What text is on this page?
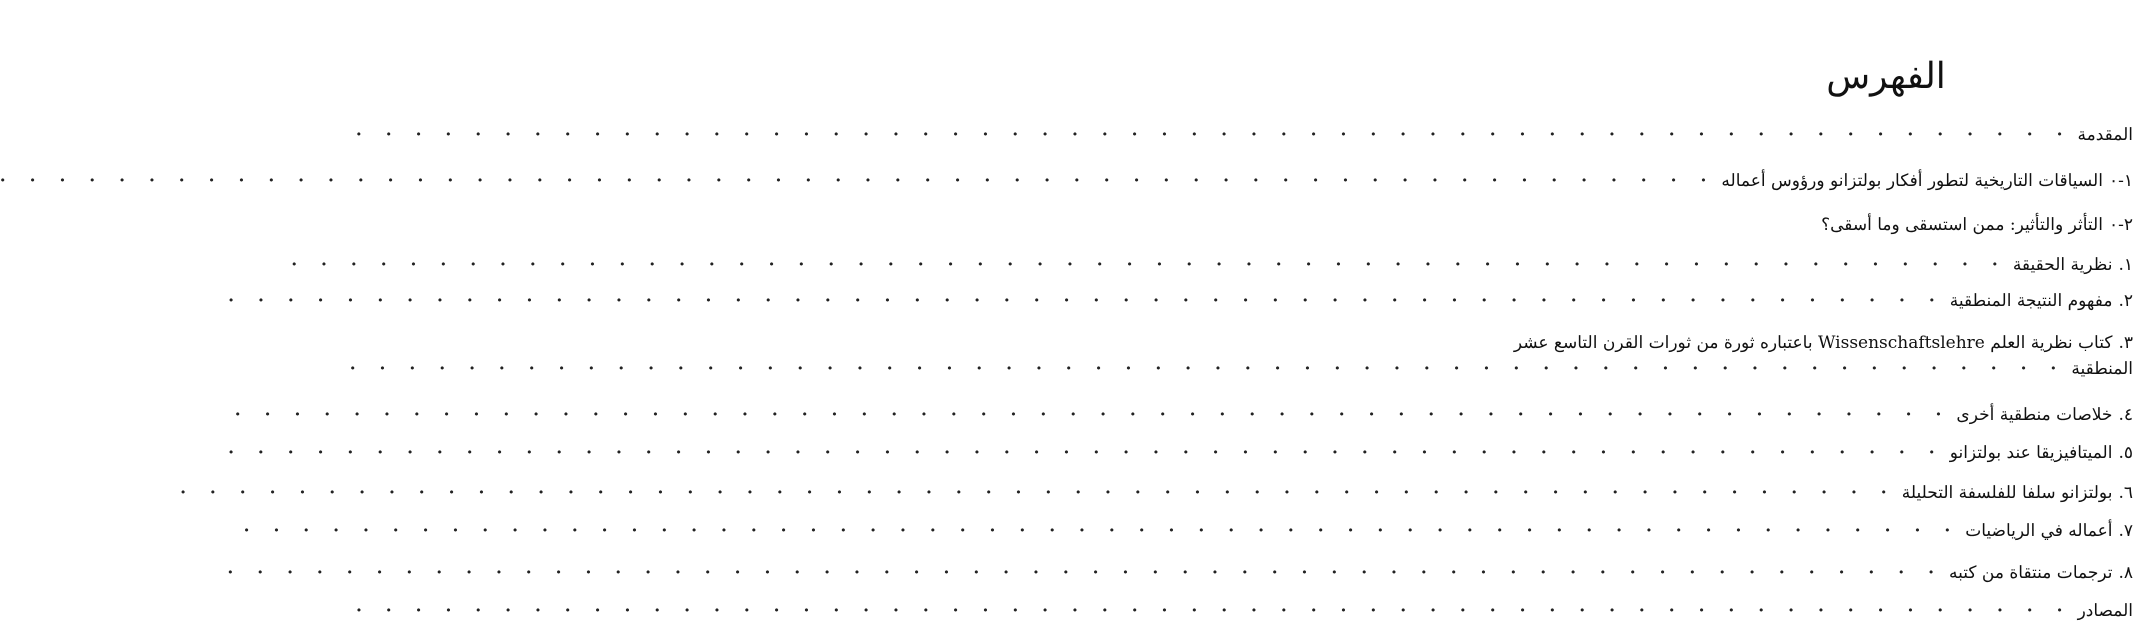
الفهرس
المقدمة
· · · · · · · · · · · · · · · · · · · · · · · · · · · · · · · · · · · · · · · · · · · · · · · · · · · · · · · · · ·
١-٠
السياقات التاريخية لتطور أفكار بولتزانو ورؤوس أعماله
· · · · · · · · · · · · · · · · · · · · · · · · · · · · · · · · · · · · · · · · · · · · · · · · · · · · · · · · · ·
٢-٠
التأثر والتأثير: ممن استسقى وما أسقى؟
١.
نظرية الحقيقة
· · · · · · · · · · · · · · · · · · · · · · · · · · · · · · · · · · · · · · · · · · · · · · · · · · · · · · · · · ·
٢.
مفهوم النتيجة المنطقية
· · · · · · · · · · · · · · · · · · · · · · · · · · · · · · · · · · · · · · · · · · · · · · · · · · · · · · · · · ·
٣.
كتاب نظرية العلم Wissenschaftslehre باعتباره ثورة من ثورات القرن التاسع عشر
المنطقية
· · · · · · · · · · · · · · · · · · · · · · · · · · · · · · · · · · · · · · · · · · · · · · · · · · · · · · · · · ·
٤.
خلاصات منطقية أخرى
· · · · · · · · · · · · · · · · · · · · · · · · · · · · · · · · · · · · · · · · · · · · · · · · · · · · · · · · · ·
٥.
الميتافيزيقا عند بولتزانو
· · · · · · · · · · · · · · · · · · · · · · · · · · · · · · · · · · · · · · · · · · · · · · · · · · · · · · · · · ·
٦.
بولتزانو سلفا للفلسفة التحليلة
· · · · · · · · · · · · · · · · · · · · · · · · · · · · · · · · · · · · · · · · · · · · · · · · · · · · · · · · · ·
٧.
أعماله في الرياضيات
· · · · · · · · · · · · · · · · · · · · · · · · · · · · · · · · · · · · · · · · · · · · · · · · · · · · · · · · · ·
٨.
ترجمات منتقاة من كتبه
· · · · · · · · · · · · · · · · · · · · · · · · · · · · · · · · · · · · · · · · · · · · · · · · · · · · · · · · · ·
المصادر
· · · · · · · · · · · · · · · · · · · · · · · · · · · · · · · · · · · · · · · · · · · · · · · · · · · · · · · · · ·
